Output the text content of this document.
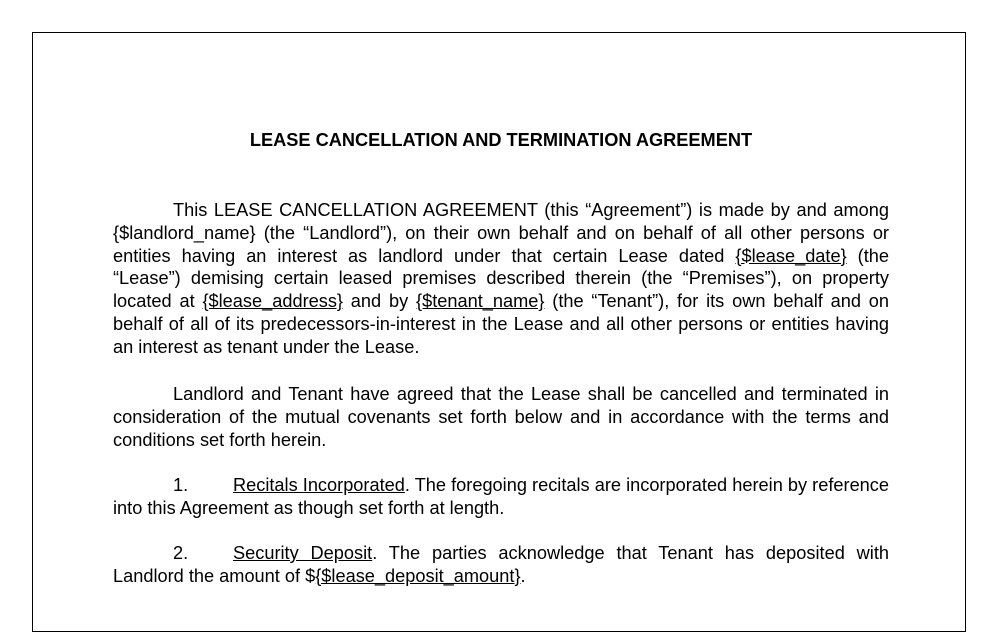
LEASE CANCELLATION AND TERMINATION AGREEMENT

This LEASE CANCELLATION AGREEMENT (this “Agreement”) is made by and among {$landlord_name} (the “Landlord”), on their own behalf and on behalf of all other persons or entities having an interest as landlord under that certain Lease dated {$lease_date} (the “Lease”) demising certain leased premises described therein (the “Premises”), on property located at {$lease_address} and by {$tenant_name} (the “Tenant”), for its own behalf and on behalf of all of its predecessors-in-interest in the Lease and all other persons or entities having an interest as tenant under the Lease.

Landlord and Tenant have agreed that the Lease shall be cancelled and terminated in consideration of the mutual covenants set forth below and in accordance with the terms and conditions set forth herein.

1. Recitals Incorporated. The foregoing recitals are incorporated herein by reference into this Agreement as though set forth at length.

2. Security Deposit. The parties acknowledge that Tenant has deposited with Landlord the amount of ${$lease_deposit_amount}.
